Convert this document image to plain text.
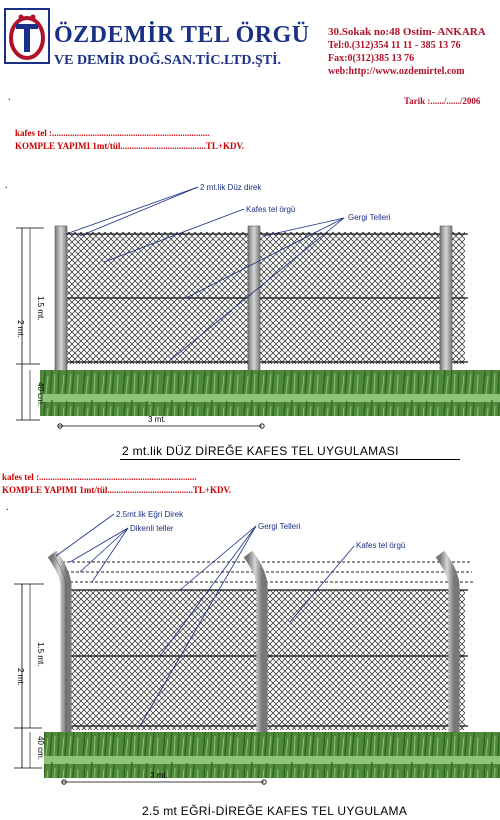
ÖZDEMİR TEL ÖRGÜ
VE DEMİR DOĞ.SAN.TİC.LTD.ŞTİ.
30.Sokak no:48 Ostim- ANKARA
Tel:0.(312)354 11 11 - 385 13 76
Fax:0(312)385 13 76
web:http://www.ozdemirtel.com
Tarik :....../....../2006
.
kafes tel :......................................................................
KOMPLE YAPIMI 1mt/tül......................................TL+KDV.
.
1.5 mt.
2 mt.
40 cm.
3 mt.
2 mt.lik Düz direk
Kafes tel örgü
Gergi Telleri
.
2 mt.lik DÜZ DİREĞE KAFES TEL UYGULAMASI
kafes tel :......................................................................
KOMPLE YAPIMI 1mt/tül......................................TL+KDV.
.
1.5 mt.
2 mt.
40 cm.
3 mt.
2.5mt.lik Eğri Direk
Dikenli teller	Gergi Telleri
Kafes tel örgü
2.5 mt EĞRİ-DİREĞE KAFES TEL UYGULAMA
